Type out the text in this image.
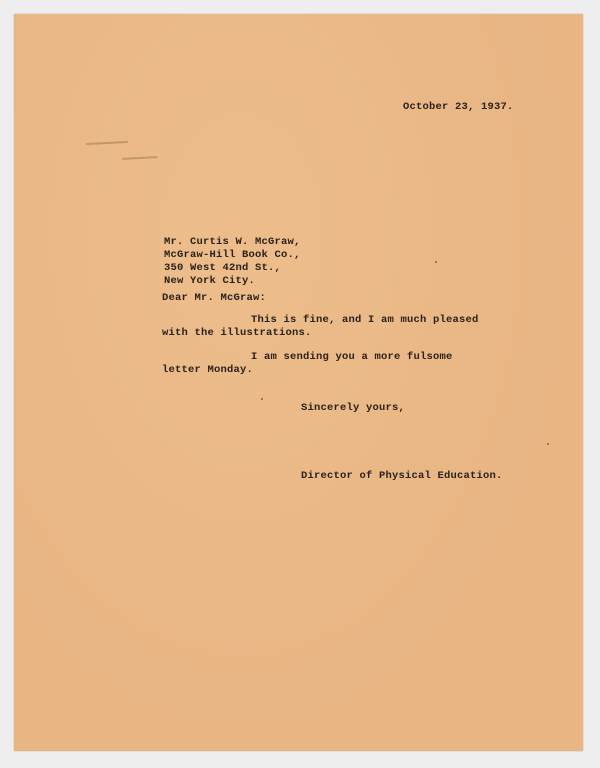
October 23, 1937.
Mr. Curtis W. McGraw,
McGraw-Hill Book Co.,
350 West 42nd St.,
New York City.
Dear Mr. McGraw:
This is fine, and I am much pleased
with the illustrations.
I am sending you a more fulsome
letter Monday.
Sincerely yours,
Director of Physical Education.
